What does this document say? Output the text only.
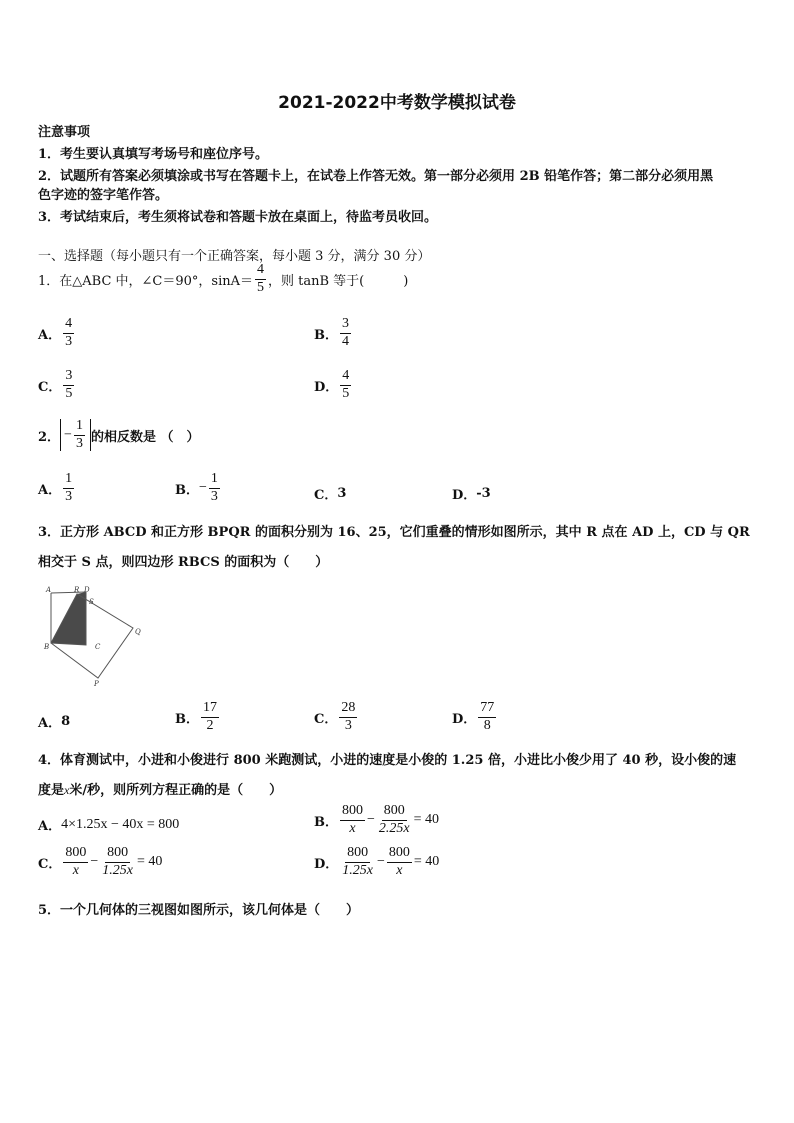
2021-2022中考数学模拟试卷
注意事项
1．考生要认真填写考场号和座位序号。
2．试题所有答案必须填涂或书写在答题卡上，在试卷上作答无效。第一部分必须用 2B 铅笔作答；第二部分必须用黑
色字迹的签字笔作答。
3．考试结束后，考生须将试卷和答题卡放在桌面上，待监考员收回。
一、选择题（每小题只有一个正确答案，每小题 3 分，满分 30 分）
1．在△ABC 中，∠C＝90°，$\sin A= \frac{4}{5}$ ，则 tanB 等于(　　　)
A． $\frac{4}{3}$	B． $\frac{3}{4}$
C． $\frac{3}{5}$	D． $\frac{4}{5}$
2． − $\frac{1}{3}$ 的相反数是 （　）
A． $\frac{1}{3}$	B． − $\frac{1}{3}$	C． 3	D． -3
3．正方形 ABCD 和正方形 BPQR 的面积分别为 16、25，它们重叠的情形如图所示，其中 R 点在 AD 上，CD 与 QR
相交于 S 点，则四边形 RBCS 的面积为（　　）
A	R D
S
Q
B	C
P
A． 8	B． $\frac{17}{2}$	C． $\frac{28}{3}$	D． $\frac{77}{8}$
4．体育测试中，小进和小俊进行 800 米跑测试，小进的速度是小俊的 1.25 倍，小进比小俊少用了 40 秒，设小俊的速
度是 x 米/秒，则所列方程正确的是（　　）
A． 4×1.25x − 40x = 800	B． $\frac{800}{x} - \frac{800}{2.25x} = 40$
C． $\frac{800}{x} - \frac{800}{1.25x} = 40$	D． $\frac{800}{1.25x} - \frac{800}{x} = 40$
5．一个几何体的三视图如图所示，该几何体是（　　）
